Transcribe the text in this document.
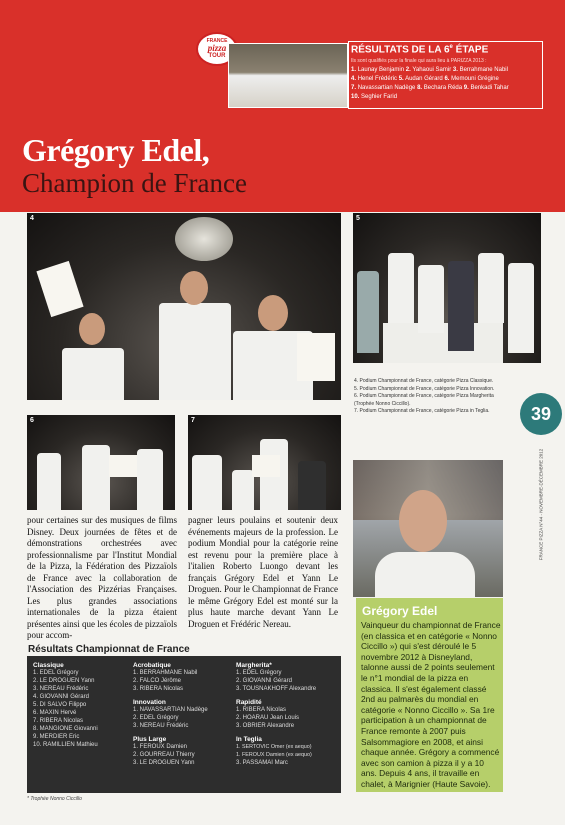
FRANCE
pizza
TOUR
RÉSULTATS DE LA 6e ÉTAPE
Ils sont qualifiés pour la finale qui aura lieu à PARIZZA 2013 :
1. Launay Benjamin 2. Yahaoui Samir 3. Berrahmane Nabil
4. Henel Frédéric 5. Audan Gérard 6. Memouni Grégine
7. Navassartian Nadège 8. Bechara Réda 9. Benkadi Tahar
10. Seghier Farid
Grégory Edel,
Champion de France
4	5
4. Podium Championnat de France, catégorie Pizza Classique.
5. Podium Championnat de France, catégorie Pizza Innovation.
6. Podium Championnat de France, catégorie Pizza Margherita (Trophée Nonno Ciccillo).
7. Podium Championnat de France, catégorie Pizza in Teglia.	39
FRANCE PIZZA N°44 - NOVEMBRE-DÉCEMBRE 2012
6	7
pour certaines sur des musiques de films Disney. Deux journées de fêtes et de démonstrations orchestrées avec professionnalisme par l'Institut Mondial de la Pizza, la Fédération des Pizzaïols de France avec la collaboration de l'Association des Pizzérias Françaises. Les plus grandes associations internationales de la pizza étaient présentes ainsi que les écoles de pizzaïols pour accom-
pagner leurs poulains et soutenir deux événements majeurs de la profession. Le podium Mondial pour la catégorie reine est revenu pour la première place à l'italien Roberto Luongo devant les français Grégory Edel et Yann Le Droguen. Pour le Championnat de France le même Grégory Edel est monté sur la plus haute marche devant Yann Le Droguen et Frédéric Nereau.
Grégory Edel
Vainqueur du championnat de France (en classica et en catégorie « Nonno Ciccillo ») qui s'est déroulé le 5 novembre 2012 à Disneyland, talonne aussi de 2 points seulement le n°1 mondial de la pizza en classica. Il s'est également classé 2nd au palmarès du mondial en catégorie « Nonno Ciccillo ». Sa 1re participation à un championnat de France remonte à 2007 puis Salsommagiore en 2008, et ainsi chaque année. Grégory a commencé avec son camion à pizza il y a 10 ans. Depuis 4 ans, il travaille en chalet, à Marignier (Haute Savoie).
Résultats Championnat de France
Classique
1. EDEL Grégory
2. LE DROGUEN Yann
3. NEREAU Frédéric
4. GIOVANNI Gérard
5. DI SALVO Filippo
6. MAXIN Hervé
7. RIBERA Nicolas
8. MANGIONE Giovanni
9. MERDIER Eric
10. RAMILLIEN Mathieu
Acrobatique
1. BERRAHMANE Nabil
2. FALCO Jérôme
3. RIBERA Nicolas
Innovation
1. NAVASSARTIAN Nadège
2. EDEL Grégory
3. NEREAU Frédéric
Plus Large
1. FEROUX Damien
2. GOURREAU Thierry
3. LE DROGUEN Yann
Margherita*
1. EDEL Grégory
2. GIOVANNI Gérard
3. TOUSNAKHOFF Alexandre
Rapidité
1. RIBERA Nicolas
2. HOARAU Jean Louis
3. OBRIER Alexandre
In Teglia
1. SERTOVIC Omer (ex aequo)
1. FEROUX Damien (ex aequo)
3. PASSAMAI Marc
* Trophée Nonno Ciccillo
